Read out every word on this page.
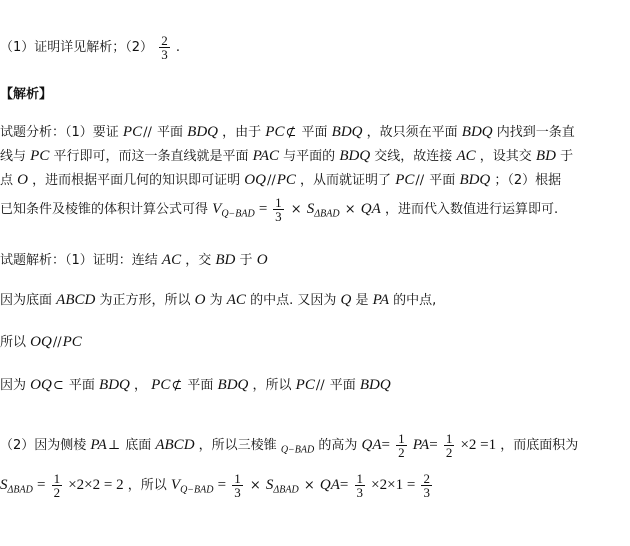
（1）证明详见解析；$(2) \frac{2}{3}$ .
【解析】
试题分析：（1）要证 PC// 平面 BDQ ，由于 PC⊄ 平面 BDQ ，故只须在平面 BDQ 内找到一条直
线与 PC 平行即可，而这一条直线就是平面 PAC 与平面的 BDQ 交线，故连接 AC ，设其交 BD 于
点 O ，进而根据平面几何的知识即可证明 OQ//PC ，从而就证明了 PC// 平面 BDQ ；（2）根据
已知条件及棱锥的体积计算公式可得 $V_{Q-BAD} = \frac{1}{3} \times S_{\Delta BAD}$ × QA ，进而代入数值进行运算即可.
试题解析：（1）证明：连结 AC ，交 BD 于 O
因为底面 ABCD 为正方形，所以 O 为 AC 的中点. 又因为 Q 是 PA 的中点,
所以 OQ//PC
因为 OQ⊂ 平面 BDQ ， PC⊄ 平面 BDQ ，所以 PC// 平面 BDQ
（2）因为侧棱 PA⊥ 底面 ABCD ，所以三棱锥 $_{Q-BAD}$ 的高为 $QA= \frac{1}{2} PA= \frac{1}{2} \times 2 =1$ ，而底面积为
$S_{\Delta BAD} = \frac{1}{2} \times 2\times 2 = 2$ ，所以 $V_{Q-BAD} = \frac{1}{3} \times S_{\Delta BAD} \times QA= \frac{1}{3} \times 2\times 1 = \frac{2}{3}$
